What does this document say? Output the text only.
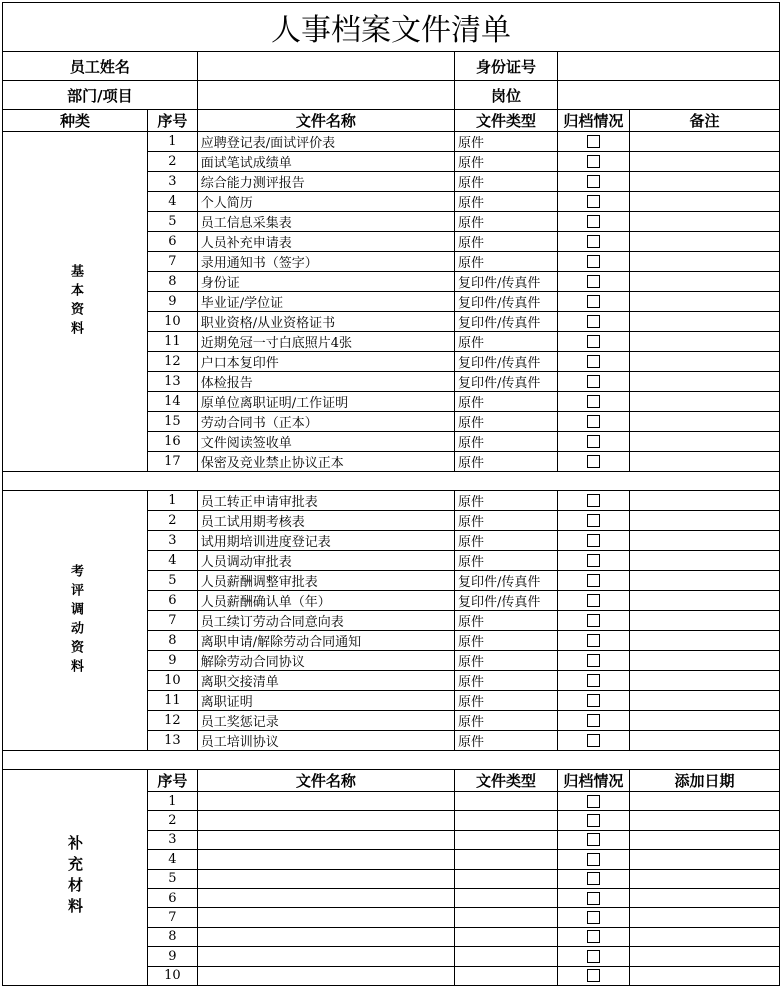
人事档案文件清单					
员工姓名			身份证号		
部门/项目			岗位		
种类	序号	文件名称	文件类型	归档情况	备注

基本资料	1	应聘登记表/面试评价表	原件		
	2	面试笔试成绩单	原件		
	3	综合能力测评报告	原件		
	4	个人简历	原件		
	5	员工信息采集表	原件		
	6	人员补充申请表	原件		
	7	录用通知书（签字）	原件		
	8	身份证	复印件/传真件		
	9	毕业证/学位证	复印件/传真件		
	10	职业资格/从业资格证书	复印件/传真件		
	11	近期免冠一寸白底照片4张	原件		
	12	户口本复印件	复印件/传真件		
	13	体检报告	复印件/传真件		
	14	原单位离职证明/工作证明	原件		
	15	劳动合同书（正本）	原件		
	16	文件阅读签收单	原件		
	17	保密及竞业禁止协议正本	原件		

考评调动资料	1	员工转正申请审批表	原件		
	2	员工试用期考核表	原件		
	3	试用期培训进度登记表	原件		
	4	人员调动审批表	原件		
	5	人员薪酬调整审批表	复印件/传真件		
	6	人员薪酬确认单（年）	复印件/传真件		
	7	员工续订劳动合同意向表	原件		
	8	离职申请/解除劳动合同通知	原件		
	9	解除劳动合同协议	原件		
	10	离职交接清单	原件		
	11	离职证明	原件		
	12	员工奖惩记录	原件		
	13	员工培训协议	原件		

补充材料	序号	文件名称	文件类型	归档情况	添加日期
	1				
	2				
	3				
	4				
	5				
	6				
	7				
	8				
	9				
	10				
